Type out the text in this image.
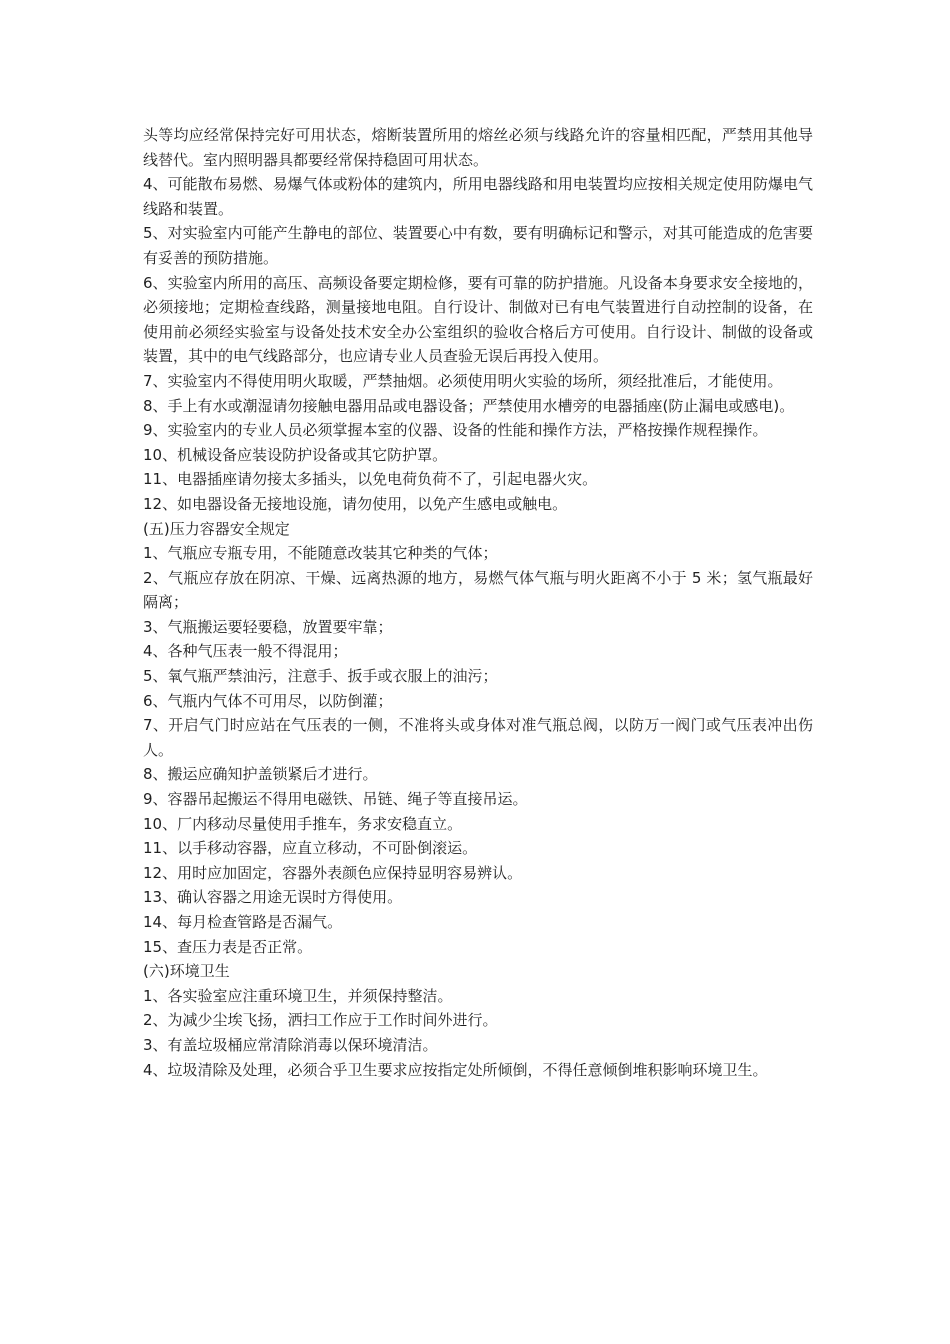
头等均应经常保持完好可用状态，熔断装置所用的熔丝必须与线路允许的容量相匹配，严禁用其他导线替代。室内照明器具都要经常保持稳固可用状态。

4、可能散布易燃、易爆气体或粉体的建筑内，所用电器线路和用电装置均应按相关规定使用防爆电气线路和装置。

5、对实验室内可能产生静电的部位、装置要心中有数，要有明确标记和警示，对其可能造成的危害要有妥善的预防措施。

6、实验室内所用的高压、高频设备要定期检修，要有可靠的防护措施。凡设备本身要求安全接地的，必须接地；定期检查线路，测量接地电阻。自行设计、制做对已有电气装置进行自动控制的设备，在使用前必须经实验室与设备处技术安全办公室组织的验收合格后方可使用。自行设计、制做的设备或装置，其中的电气线路部分，也应请专业人员查验无误后再投入使用。

7、实验室内不得使用明火取暖，严禁抽烟。必须使用明火实验的场所，须经批准后，才能使用。

8、手上有水或潮湿请勿接触电器用品或电器设备；严禁使用水槽旁的电器插座(防止漏电或感电)。

9、实验室内的专业人员必须掌握本室的仪器、设备的性能和操作方法，严格按操作规程操作。

10、机械设备应装设防护设备或其它防护罩。

11、电器插座请勿接太多插头，以免电荷负荷不了，引起电器火灾。

12、如电器设备无接地设施，请勿使用，以免产生感电或触电。

(五)压力容器安全规定

1、气瓶应专瓶专用，不能随意改装其它种类的气体；

2、气瓶应存放在阴凉、干燥、远离热源的地方，易燃气体气瓶与明火距离不小于 5 米；氢气瓶最好隔离；

3、气瓶搬运要轻要稳，放置要牢靠；

4、各种气压表一般不得混用；

5、氧气瓶严禁油污，注意手、扳手或衣服上的油污；

6、气瓶内气体不可用尽，以防倒灌；

7、开启气门时应站在气压表的一侧，不准将头或身体对准气瓶总阀，以防万一阀门或气压表冲出伤人。

8、搬运应确知护盖锁紧后才进行。

9、容器吊起搬运不得用电磁铁、吊链、绳子等直接吊运。

10、厂内移动尽量使用手推车，务求安稳直立。

11、以手移动容器，应直立移动，不可卧倒滚运。

12、用时应加固定，容器外表颜色应保持显明容易辨认。

13、确认容器之用途无误时方得使用。

14、每月检查管路是否漏气。

15、查压力表是否正常。

(六)环境卫生

1、各实验室应注重环境卫生，并须保持整洁。

2、为减少尘埃飞扬，洒扫工作应于工作时间外进行。

3、有盖垃圾桶应常清除消毒以保环境清洁。

4、垃圾清除及处理，必须合乎卫生要求应按指定处所倾倒，不得任意倾倒堆积影响环境卫生。
